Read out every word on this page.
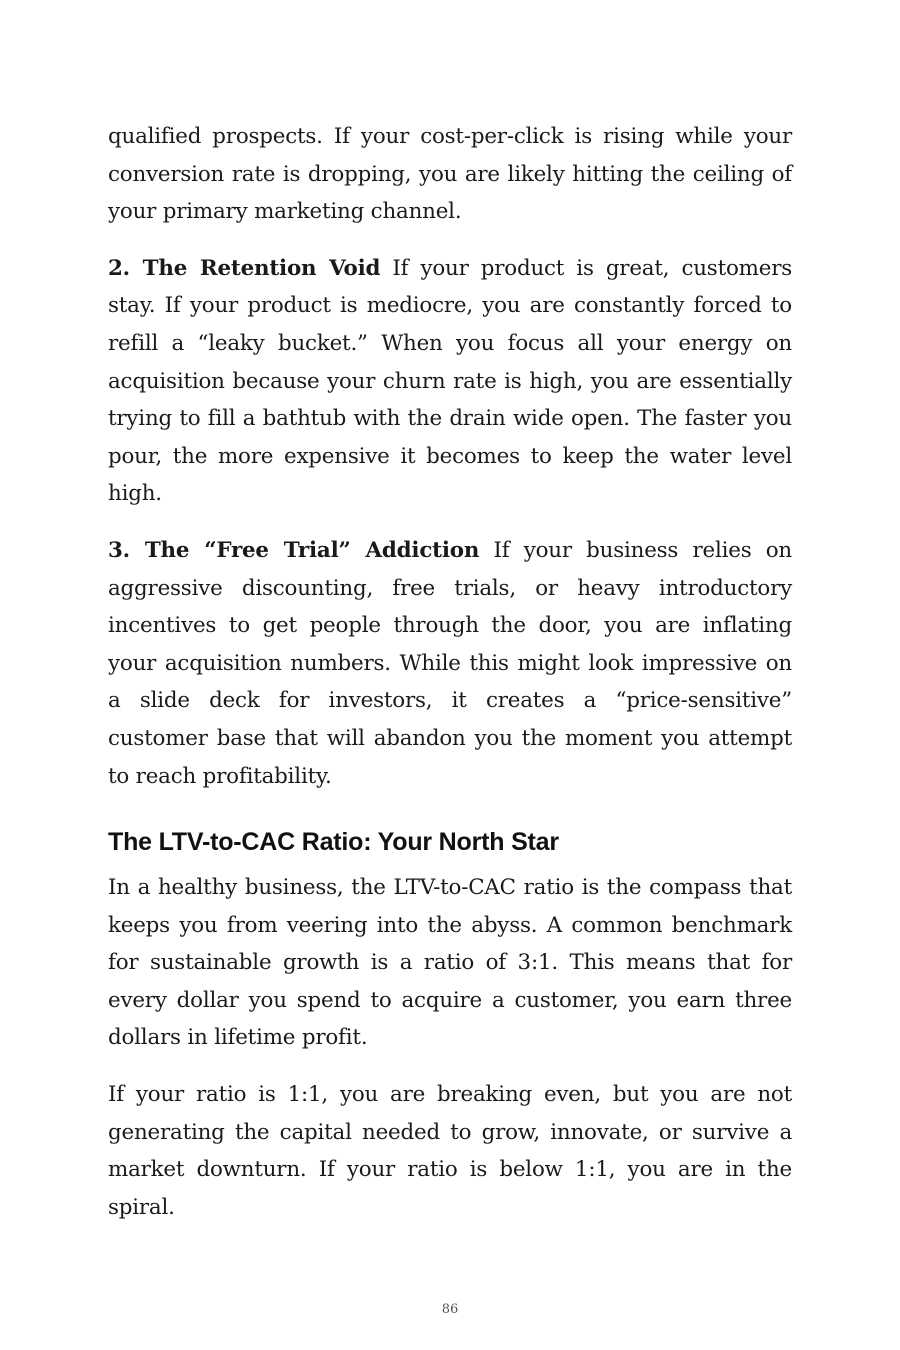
qualified prospects. If your cost-per-click is rising while your conversion rate is dropping, you are likely hitting the ceiling of your primary marketing channel.

2. The Retention Void If your product is great, customers stay. If your product is mediocre, you are constantly forced to refill a “leaky bucket.” When you focus all your energy on acquisition because your churn rate is high, you are essentially trying to fill a bathtub with the drain wide open. The faster you pour, the more expensive it becomes to keep the water level high.

3. The “Free Trial” Addiction If your business relies on aggressive discounting, free trials, or heavy introductory incentives to get people through the door, you are inflating your acquisition numbers. While this might look impressive on a slide deck for investors, it creates a “price-sensitive” customer base that will abandon you the moment you attempt to reach profitability.

The LTV-to-CAC Ratio: Your North Star

In a healthy business, the LTV-to-CAC ratio is the compass that keeps you from veering into the abyss. A common benchmark for sustainable growth is a ratio of 3:1. This means that for every dollar you spend to acquire a customer, you earn three dollars in lifetime profit.

If your ratio is 1:1, you are breaking even, but you are not generating the capital needed to grow, innovate, or survive a market downturn. If your ratio is below 1:1, you are in the spiral.

86
